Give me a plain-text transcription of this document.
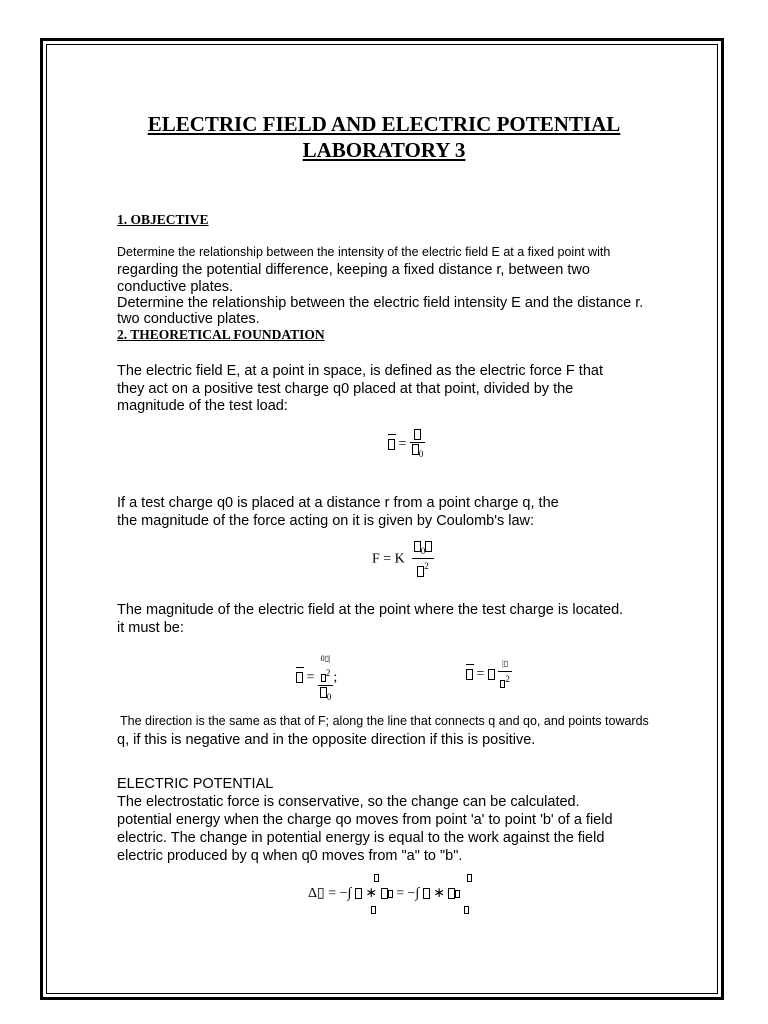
ELECTRIC FIELD AND ELECTRIC POTENTIAL
LABORATORY 3
1. OBJECTIVE
Determine the relationship between the intensity of the electric field E at a fixed point with
regarding the potential difference, keeping a fixed distance r, between two
conductive plates.
Determine the relationship between the electric field intensity E and the distance r.
two conductive plates.
2. THEORETICAL FOUNDATION
The electric field E, at a point in space, is defined as the electric force F that
they act on a positive test charge q0 placed at that point, divided by the
magnitude of the test load:
=
$_0$
If a test charge q0 is placed at a distance r from a point charge q, the
the magnitude of the force acting on it is given by Coulomb's law:
F = K $\frac{_0}{^2}$
The magnitude of the electric field at the point where the test charge is located.
it must be:
=
0▯|
2
$_0$
;	= $\frac{|▯}{^2}$
The direction is the same as that of F; along the line that connects q and qo, and points towards
q, if this is negative and in the opposite direction if this is positive.
ELECTRIC POTENTIAL
The electrostatic force is conservative, so the change can be calculated.
potential energy when the charge qo moves from point 'a' to point 'b' of a field
electric. The change in potential energy is equal to the work against the field
electric produced by q when q0 moves from "a" to "b".
Δ▯ = −∫ ∗ = −∫ ∗
